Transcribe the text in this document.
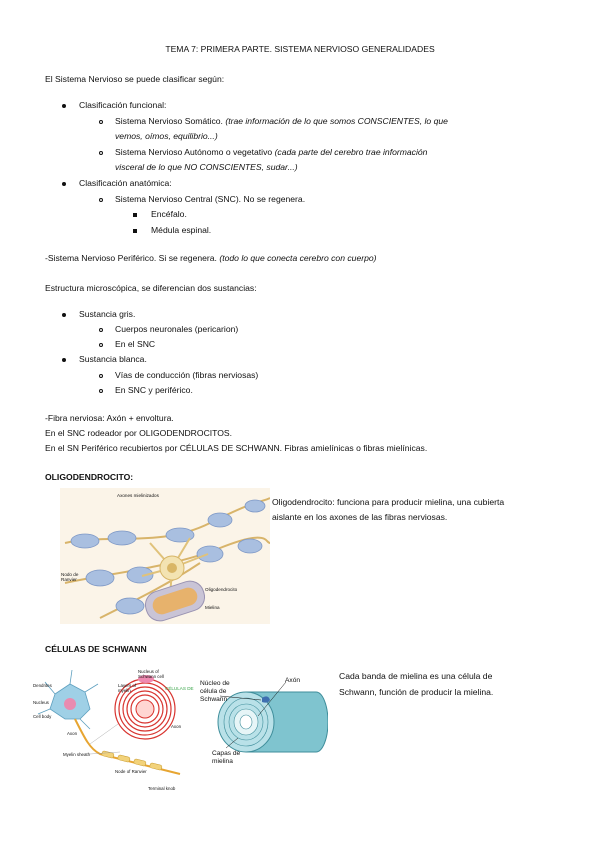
TEMA 7: PRIMERA PARTE. SISTEMA NERVIOSO GENERALIDADES
El Sistema Nervioso se puede clasificar según:
Clasificación funcional:
Sistema Nervioso Somático. (trae información de lo que somos CONSCIENTES, lo que
vemos, oímos, equilibrio...)
Sistema Nervioso Autónomo o vegetativo (cada parte del cerebro trae información
visceral de lo que NO CONSCIENTES, sudar...)
Clasificación anatómica:
Sistema Nervioso Central (SNC). No se regenera.
Encéfalo.
Médula espinal.
-Sistema Nervioso Periférico. Si se regenera. (todo lo que conecta cerebro con cuerpo)
Estructura microscópica, se diferencian dos sustancias:
Sustancia gris.
Cuerpos neuronales (pericarion)
En el SNC
Sustancia blanca.
Vías de conducción (fibras nerviosas)
En SNC y periférico.
-Fibra nerviosa: Axón + envoltura.
En el SNC rodeador por OLIGODENDROCITOS.
En el SN Periférico recubiertos por CÉLULAS DE SCHWANN. Fibras amielínicas o fibras mielínicas.
OLIGODENDROCITO:
Axones mielinizados
Nodo de
Ranvier
Oligodendrocito
Mielina
Oligodendrocito: funciona para producir mielina, una cubierta
aislante en los axones de las fibras nerviosas.
CÉLULAS DE SCHWANN
Dendrites
Nucleus
Cell body
Axon
Myelin sheath
Node of Ranvier
Terminal knob
Nucleus of
Schwann cell
Layers of
myelin	CÉLULAS DE
Axon
Núcleo de
célula de
Schwann
Axón
Capas de
mielina
Cada banda de mielina es una célula de
Schwann, función de producir la mielina.
